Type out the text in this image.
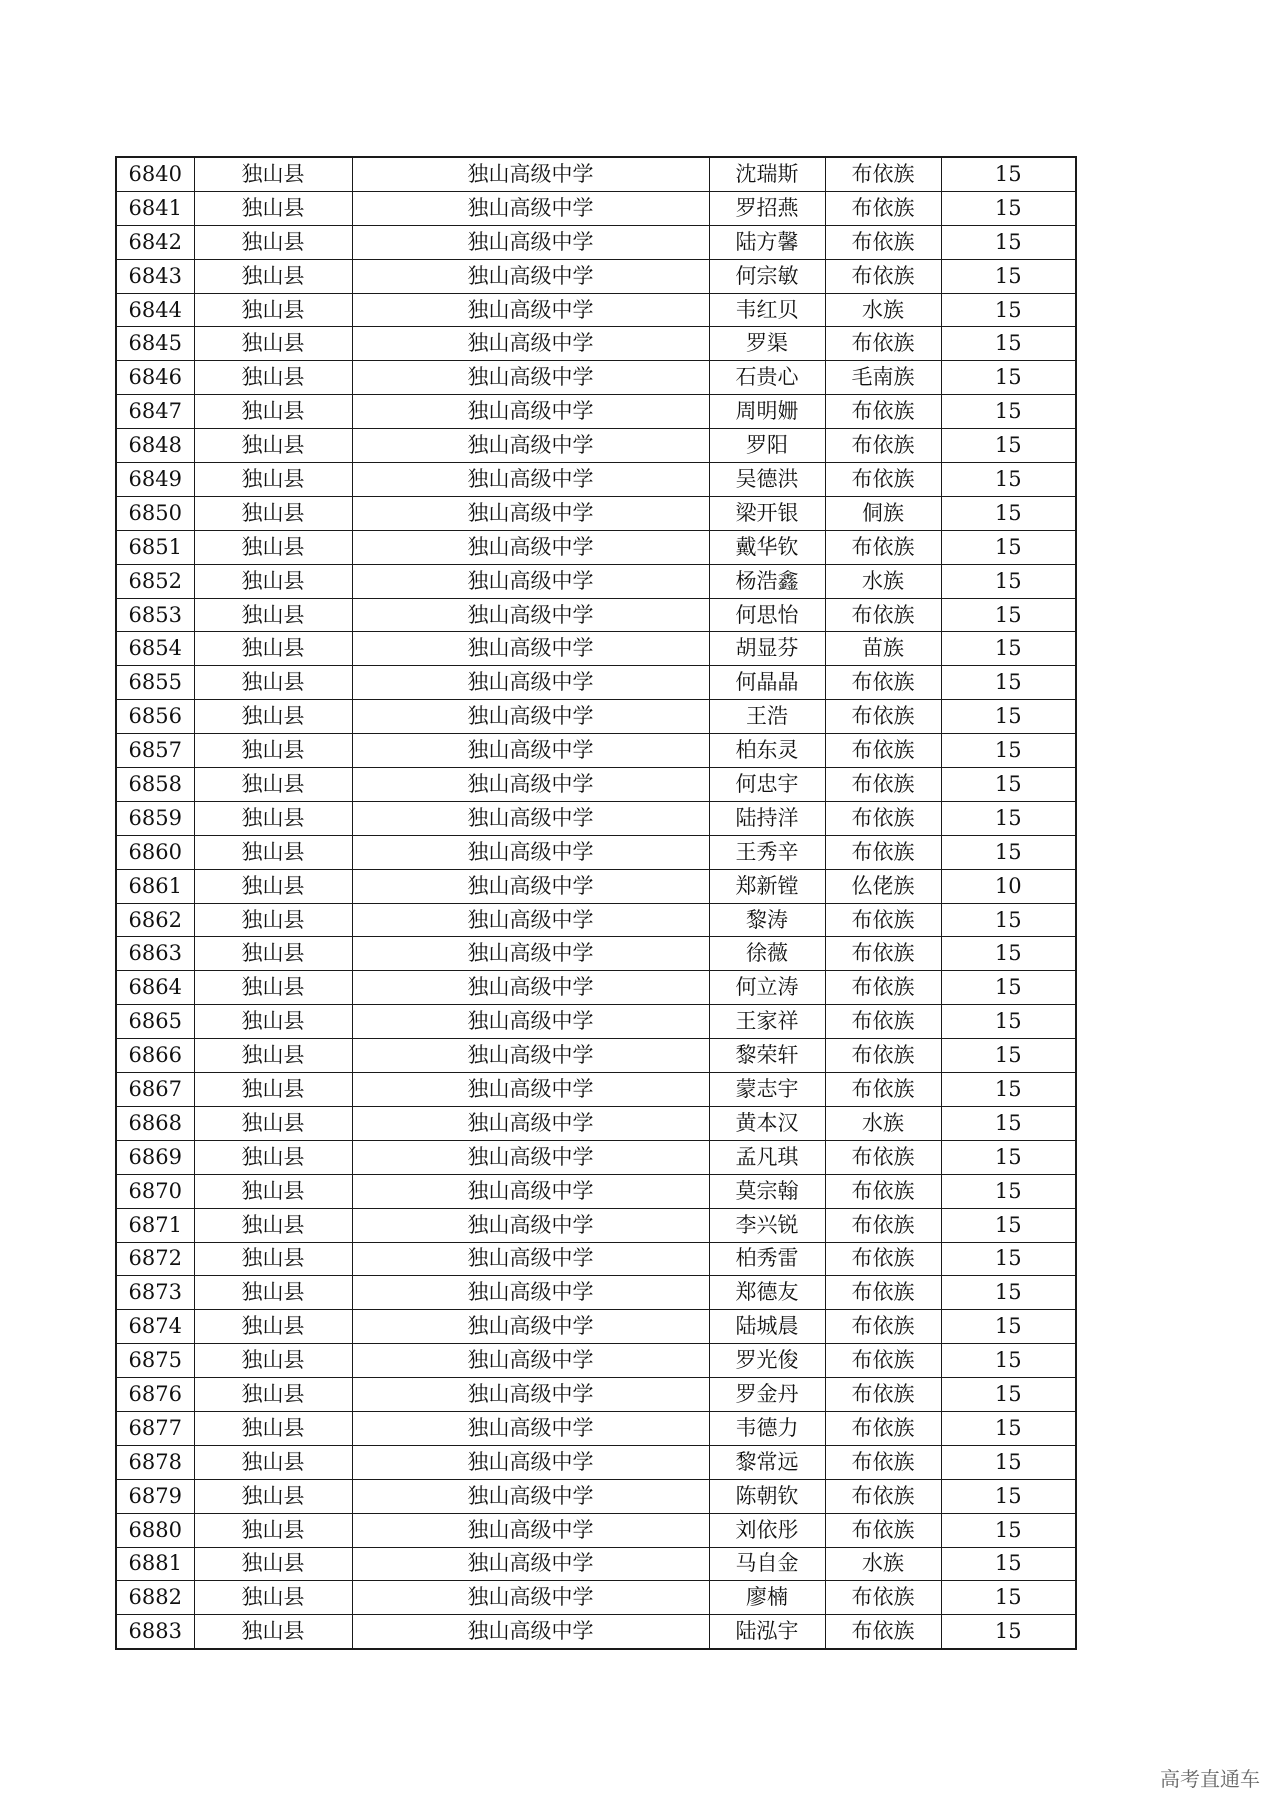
6840	独山县	独山高级中学	沈瑞斯	布依族	15
6841	独山县	独山高级中学	罗招燕	布依族	15
6842	独山县	独山高级中学	陆方馨	布依族	15
6843	独山县	独山高级中学	何宗敏	布依族	15
6844	独山县	独山高级中学	韦红贝	水族	15
6845	独山县	独山高级中学	罗渠	布依族	15
6846	独山县	独山高级中学	石贵心	毛南族	15
6847	独山县	独山高级中学	周明姗	布依族	15
6848	独山县	独山高级中学	罗阳	布依族	15
6849	独山县	独山高级中学	吴德洪	布依族	15
6850	独山县	独山高级中学	梁开银	侗族	15
6851	独山县	独山高级中学	戴华钦	布依族	15
6852	独山县	独山高级中学	杨浩鑫	水族	15
6853	独山县	独山高级中学	何思怡	布依族	15
6854	独山县	独山高级中学	胡显芬	苗族	15
6855	独山县	独山高级中学	何晶晶	布依族	15
6856	独山县	独山高级中学	王浩	布依族	15
6857	独山县	独山高级中学	柏东灵	布依族	15
6858	独山县	独山高级中学	何忠宇	布依族	15
6859	独山县	独山高级中学	陆持洋	布依族	15
6860	独山县	独山高级中学	王秀辛	布依族	15
6861	独山县	独山高级中学	郑新镗	仫佬族	10
6862	独山县	独山高级中学	黎涛	布依族	15
6863	独山县	独山高级中学	徐薇	布依族	15
6864	独山县	独山高级中学	何立涛	布依族	15
6865	独山县	独山高级中学	王家祥	布依族	15
6866	独山县	独山高级中学	黎荣轩	布依族	15
6867	独山县	独山高级中学	蒙志宇	布依族	15
6868	独山县	独山高级中学	黄本汉	水族	15
6869	独山县	独山高级中学	孟凡琪	布依族	15
6870	独山县	独山高级中学	莫宗翰	布依族	15
6871	独山县	独山高级中学	李兴锐	布依族	15
6872	独山县	独山高级中学	柏秀雷	布依族	15
6873	独山县	独山高级中学	郑德友	布依族	15
6874	独山县	独山高级中学	陆城晨	布依族	15
6875	独山县	独山高级中学	罗光俊	布依族	15
6876	独山县	独山高级中学	罗金丹	布依族	15
6877	独山县	独山高级中学	韦德力	布依族	15
6878	独山县	独山高级中学	黎常远	布依族	15
6879	独山县	独山高级中学	陈朝钦	布依族	15
6880	独山县	独山高级中学	刘依彤	布依族	15
6881	独山县	独山高级中学	马自金	水族	15
6882	独山县	独山高级中学	廖楠	布依族	15
6883	独山县	独山高级中学	陆泓宇	布依族	15
高考直通车
